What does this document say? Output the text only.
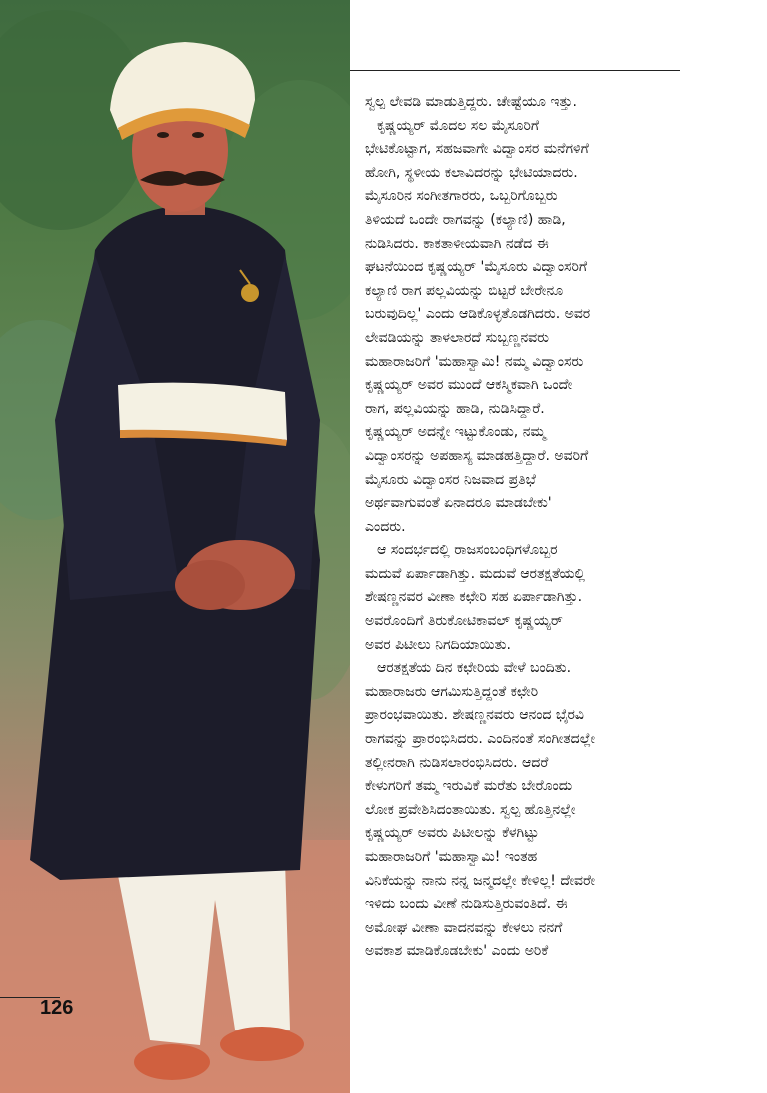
ಸ್ವಲ್ಪ ಲೇವಡಿ ಮಾಡುತ್ತಿದ್ದರು. ಚೇಷ್ಟೆಯೂ ಇತ್ತು.
ಕೃಷ್ಣಯ್ಯರ್ ಮೊದಲ ಸಲ ಮೈಸೂರಿಗೆ
ಭೇಟಿಕೊಟ್ಟಾಗ, ಸಹಜವಾಗೇ ವಿದ್ವಾಂಸರ ಮನೆಗಳಿಗೆ
ಹೋಗಿ, ಸ್ಥಳೀಯ ಕಲಾವಿದರನ್ನು ಭೇಟಿಯಾದರು.
ಮೈಸೂರಿನ ಸಂಗೀತಗಾರರು, ಒಬ್ಬರಿಗೊಬ್ಬರು
ತಿಳಿಯದೆ ಒಂದೇ ರಾಗವನ್ನು (ಕಲ್ಯಾಣಿ) ಹಾಡಿ,
ನುಡಿಸಿದರು. ಕಾಕತಾಳೀಯವಾಗಿ ನಡೆದ ಈ
ಘಟನೆಯಿಂದ ಕೃಷ್ಣಯ್ಯರ್ 'ಮೈಸೂರು ವಿದ್ವಾಂಸರಿಗೆ
ಕಲ್ಯಾಣಿ ರಾಗ ಪಲ್ಲವಿಯನ್ನು ಬಿಟ್ಟರೆ ಬೇರೇನೂ
ಬರುವುದಿಲ್ಲ' ಎಂದು ಆಡಿಕೊಳ್ಳತೊಡಗಿದರು. ಅವರ
ಲೇವಡಿಯನ್ನು ತಾಳಲಾರದೆ ಸುಬ್ಬಣ್ಣನವರು
ಮಹಾರಾಜರಿಗೆ 'ಮಹಾಸ್ವಾಮಿ! ನಮ್ಮ ವಿದ್ವಾಂಸರು
ಕೃಷ್ಣಯ್ಯರ್ ಅವರ ಮುಂದೆ ಆಕಸ್ಮಿಕವಾಗಿ ಒಂದೇ
ರಾಗ, ಪಲ್ಲವಿಯನ್ನು ಹಾಡಿ, ನುಡಿಸಿದ್ದಾರೆ.
ಕೃಷ್ಣಯ್ಯರ್ ಅದನ್ನೇ ಇಟ್ಟುಕೊಂಡು, ನಮ್ಮ
ವಿದ್ವಾಂಸರನ್ನು ಅಪಹಾಸ್ಯ ಮಾಡಹತ್ತಿದ್ದಾರೆ. ಅವರಿಗೆ
ಮೈಸೂರು ವಿದ್ವಾಂಸರ ನಿಜವಾದ ಪ್ರತಿಭೆ
ಅರ್ಥವಾಗುವಂತೆ ಏನಾದರೂ ಮಾಡಬೇಕು'
ಎಂದರು.
ಆ ಸಂದರ್ಭದಲ್ಲಿ ರಾಜಸಂಬಂಧಿಗಳೊಬ್ಬರ
ಮದುವೆ ಏರ್ಪಾಡಾಗಿತ್ತು. ಮದುವೆ ಆರತಕ್ಷತೆಯಲ್ಲಿ
ಶೇಷಣ್ಣನವರ ವೀಣಾ ಕಛೇರಿ ಸಹ ಏರ್ಪಾಡಾಗಿತ್ತು.
ಅವರೊಂದಿಗೆ ತಿರುಕೋಟಿಕಾವಲ್ ಕೃಷ್ಣಯ್ಯರ್
ಅವರ ಪಿಟೀಲು ನಿಗದಿಯಾಯಿತು.
ಆರತಕ್ಷತೆಯ ದಿನ ಕಛೇರಿಯ ವೇಳೆ ಬಂದಿತು.
ಮಹಾರಾಜರು ಆಗಮಿಸುತ್ತಿದ್ದಂತೆ ಕಛೇರಿ
ಪ್ರಾರಂಭವಾಯಿತು. ಶೇಷಣ್ಣನವರು ಆನಂದ ಭೈರವಿ
ರಾಗವನ್ನು ಪ್ರಾರಂಭಿಸಿದರು. ಎಂದಿನಂತೆ ಸಂಗೀತದಲ್ಲೇ
ತಲ್ಲೀನರಾಗಿ ನುಡಿಸಲಾರಂಭಿಸಿದರು. ಆದರೆ
ಕೇಳುಗರಿಗೆ ತಮ್ಮ ಇರುವಿಕೆ ಮರೆತು ಬೇರೊಂದು
ಲೋಕ ಪ್ರವೇಶಿಸಿದಂತಾಯಿತು. ಸ್ವಲ್ಪ ಹೊತ್ತಿನಲ್ಲೇ
ಕೃಷ್ಣಯ್ಯರ್ ಅವರು ಪಿಟೀಲನ್ನು ಕೆಳಗಿಟ್ಟು
ಮಹಾರಾಜರಿಗೆ 'ಮಹಾಸ್ವಾಮಿ! ಇಂತಹ
ವಿನಿಕೆಯನ್ನು ನಾನು ನನ್ನ ಜನ್ಮದಲ್ಲೇ ಕೇಳಿಲ್ಲ! ದೇವರೇ
ಇಳಿದು ಬಂದು ವೀಣೆ ನುಡಿಸುತ್ತಿರುವಂತಿದೆ. ಈ
ಅಮೋಘ ವೀಣಾ ವಾದನವನ್ನು ಕೇಳಲು ನನಗೆ
ಅವಕಾಶ ಮಾಡಿಕೊಡಬೇಕು' ಎಂದು ಅರಿಕೆ
126
